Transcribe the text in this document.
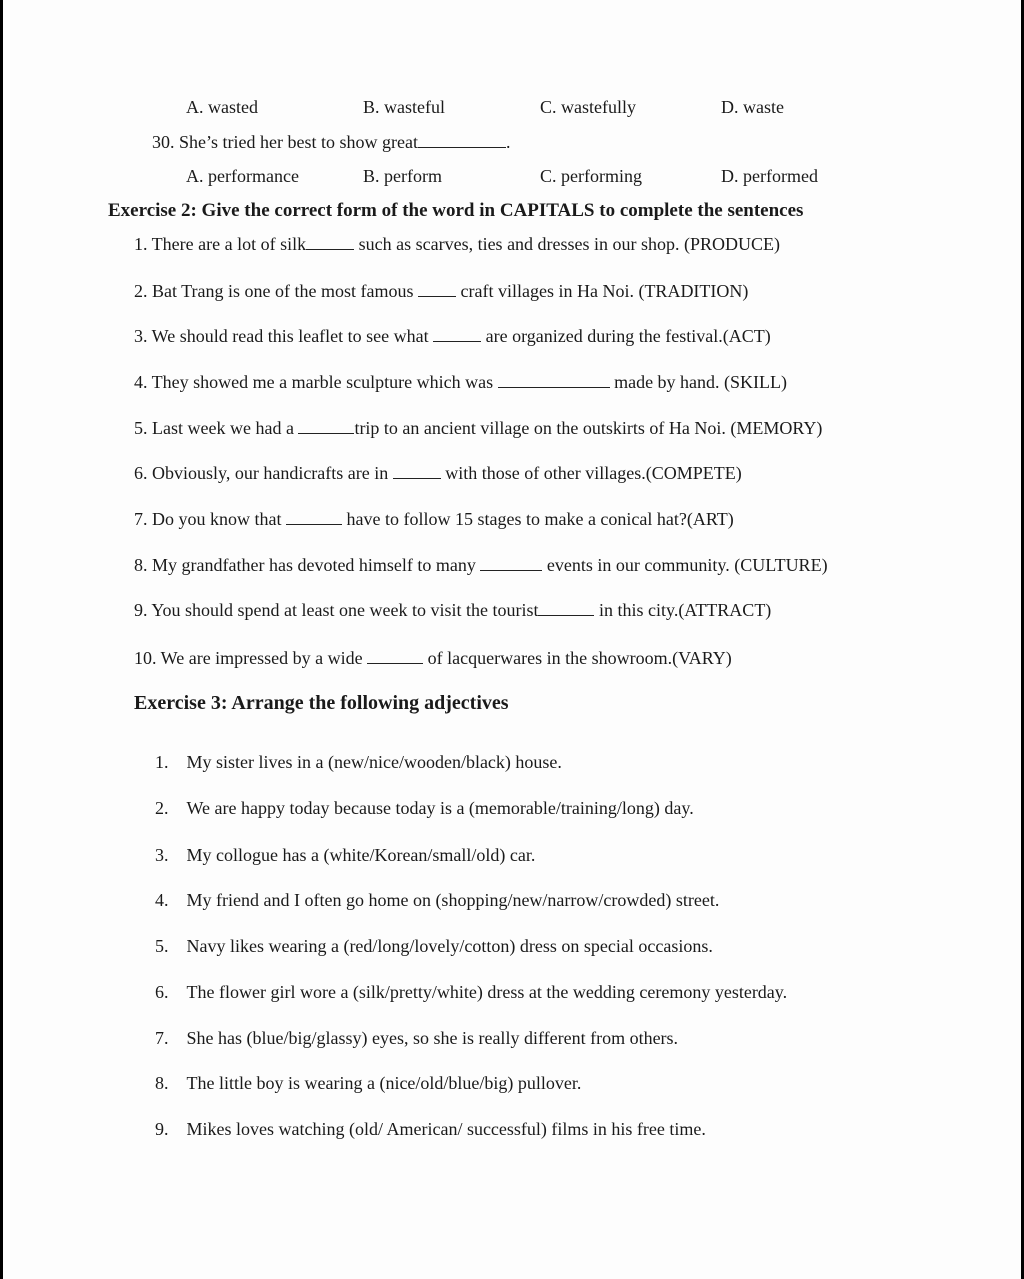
A. wasted	B. wasteful	C. wastefully	D. waste
30. She’s tried her best to show great	.
A. performance	B. perform	C. performing	D. performed
Exercise 2: Give the correct form of the word in CAPITALS to complete the sentences
1. There are a lot of silk	such as scarves, ties and dresses in our shop. (PRODUCE)
2. Bat Trang is one of the most famous	craft villages in Ha Noi. (TRADITION)
3. We should read this leaflet to see what	are organized during the festival.(ACT)
4. They showed me a marble sculpture which was	made by hand. (SKILL)
5. Last week we had a	trip to an ancient village on the outskirts of Ha Noi. (MEMORY)
6. Obviously, our handicrafts are in	with those of other villages.(COMPETE)
7. Do you know that	have to follow 15 stages to make a conical hat?(ART)
8. My grandfather has devoted himself to many	events in our community. (CULTURE)
9. You should spend at least one week to visit the tourist	in this city.(ATTRACT)
10. We are impressed by a wide	of lacquerwares in the showroom.(VARY)
Exercise 3: Arrange the following adjectives
1. My sister lives in a (new/nice/wooden/black) house.
2. We are happy today because today is a (memorable/training/long) day.
3. My collogue has a (white/Korean/small/old) car.
4. My friend and I often go home on (shopping/new/narrow/crowded) street.
5. Navy likes wearing a (red/long/lovely/cotton) dress on special occasions.
6. The flower girl wore a (silk/pretty/white) dress at the wedding ceremony yesterday.
7. She has (blue/big/glassy) eyes, so she is really different from others.
8. The little boy is wearing a (nice/old/blue/big) pullover.
9. Mikes loves watching (old/ American/ successful) films in his free time.
